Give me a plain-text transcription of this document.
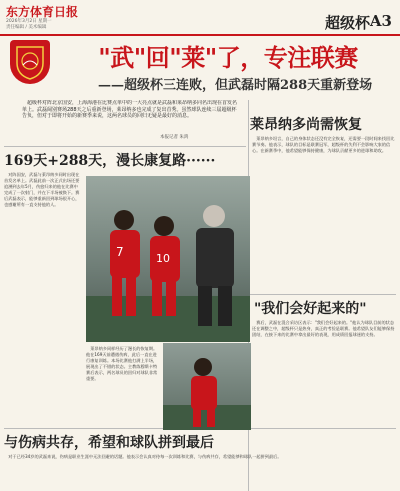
东方体育日报
2026年3月2日 星期一
责任编辑 / 美术编辑	超级杯 A3
"武"回"莱"了，专注联赛
——超级杯三连败，但武磊时隔288天重新登场
超级杯对阵北京国安，上海海港在比赛点单中的一大亮点就是武磊和莱昂纳多同名出现在首发名单上。武磊阔别赛场288天之后重新登场，莱昂纳多也完成了复出首秀。虽然球队连续三届超级杯告负，但对于即将开始的新赛季来说，这两名球员的回归无疑是最好的消息。
本报记者 朱鸿
169天+288天，漫长康复路······
对阵国安，武磊与莱昂纳多同时出现在首发名单上。武磊此前一次正式出场还要追溯到去年5月，伤愈归来的他在比赛中完成了一次射门，并在下半场被换下。赛后武磊表示，能够重新回到球场很开心，也感谢所有一直支持他的人。
莱昂纳多同样经历了漫长的恢复期。他在169天前遭遇伤病，此后一直在进行康复训练。本场比赛他打满上半场，展现出了不错的状态。主教练穆斯卡特赛后表示，两名球员的回归对球队非常重要。
7	10
莱昂纳多尚需恢复
莱昂纳多坦言，自己的身体状态还没有完全恢复，还需要一段时间来找回比赛节奏。他表示，球队的目标是联赛冠军，超级杯的失利不会影响大家的信心。在新赛季中，他希望能够保持健康，为球队贡献更多的进球和助攻。
"我们会好起来的"
赛后，武磊在混合采访区表示："我们会好起来的。"他认为球队目前的状态还在调整之中，超级杯只是热身，真正的考验是联赛。他希望队友们能够保持团结，在接下来的比赛中拿出最好的表现，用成绩回报球迷的支持。
与伤病共存，希望和球队拼到最后
对于已经34岁的武磊来说，伤病是职业生涯中无法回避的话题。他表示会认真对待每一次训练和比赛，与伤病共存，希望能够和球队一起拼到最后。
